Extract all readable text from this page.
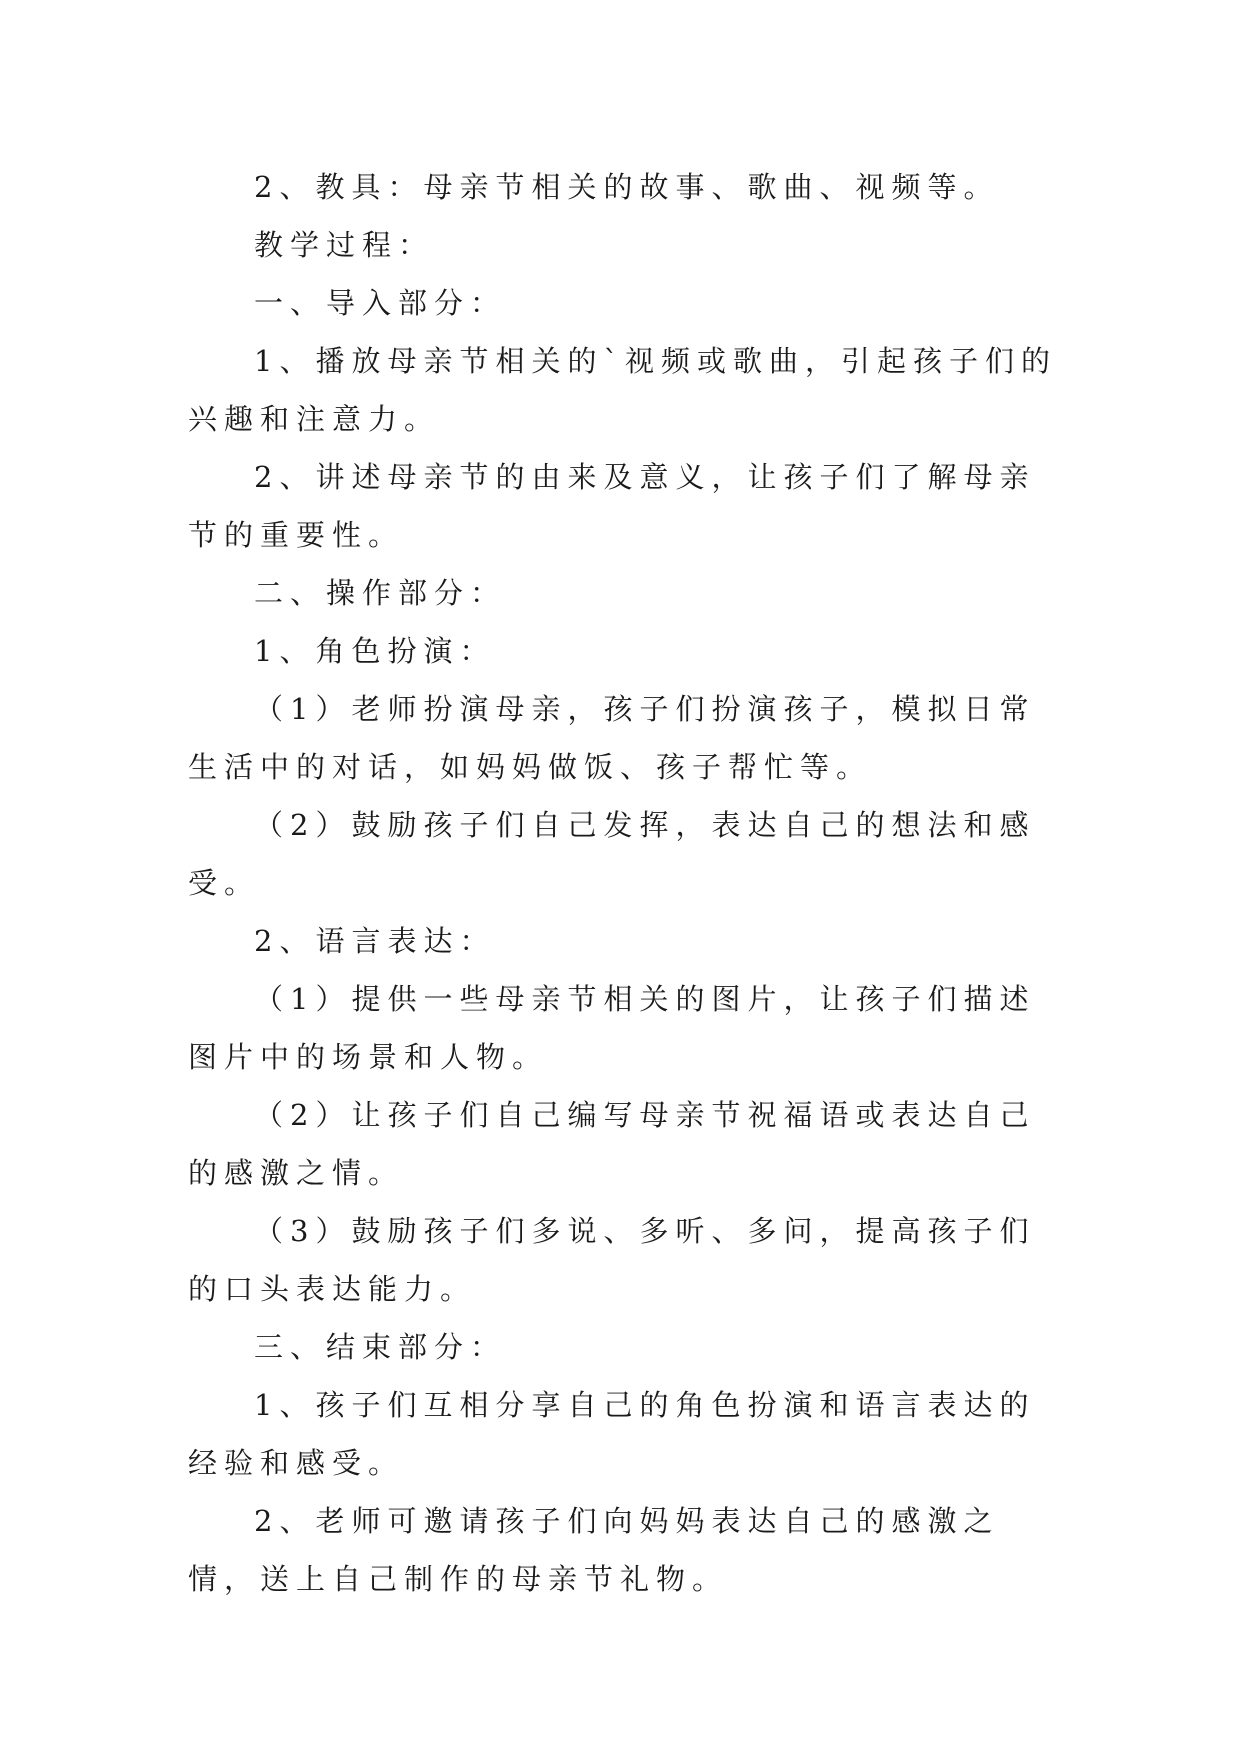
2、教具：母亲节相关的故事、歌曲、视频等。

教学过程：

一、导入部分：

1、播放母亲节相关的`视频或歌曲，引起孩子们的兴趣和注意力。

2、讲述母亲节的由来及意义，让孩子们了解母亲节的重要性。

二、操作部分：

1、角色扮演：

（1）老师扮演母亲，孩子们扮演孩子，模拟日常生活中的对话，如妈妈做饭、孩子帮忙等。

（2）鼓励孩子们自己发挥，表达自己的想法和感受。

2、语言表达：

（1）提供一些母亲节相关的图片，让孩子们描述图片中的场景和人物。

（2）让孩子们自己编写母亲节祝福语或表达自己的感激之情。

（3）鼓励孩子们多说、多听、多问，提高孩子们的口头表达能力。

三、结束部分：

1、孩子们互相分享自己的角色扮演和语言表达的经验和感受。

2、老师可邀请孩子们向妈妈表达自己的感激之情，送上自己制作的母亲节礼物。
